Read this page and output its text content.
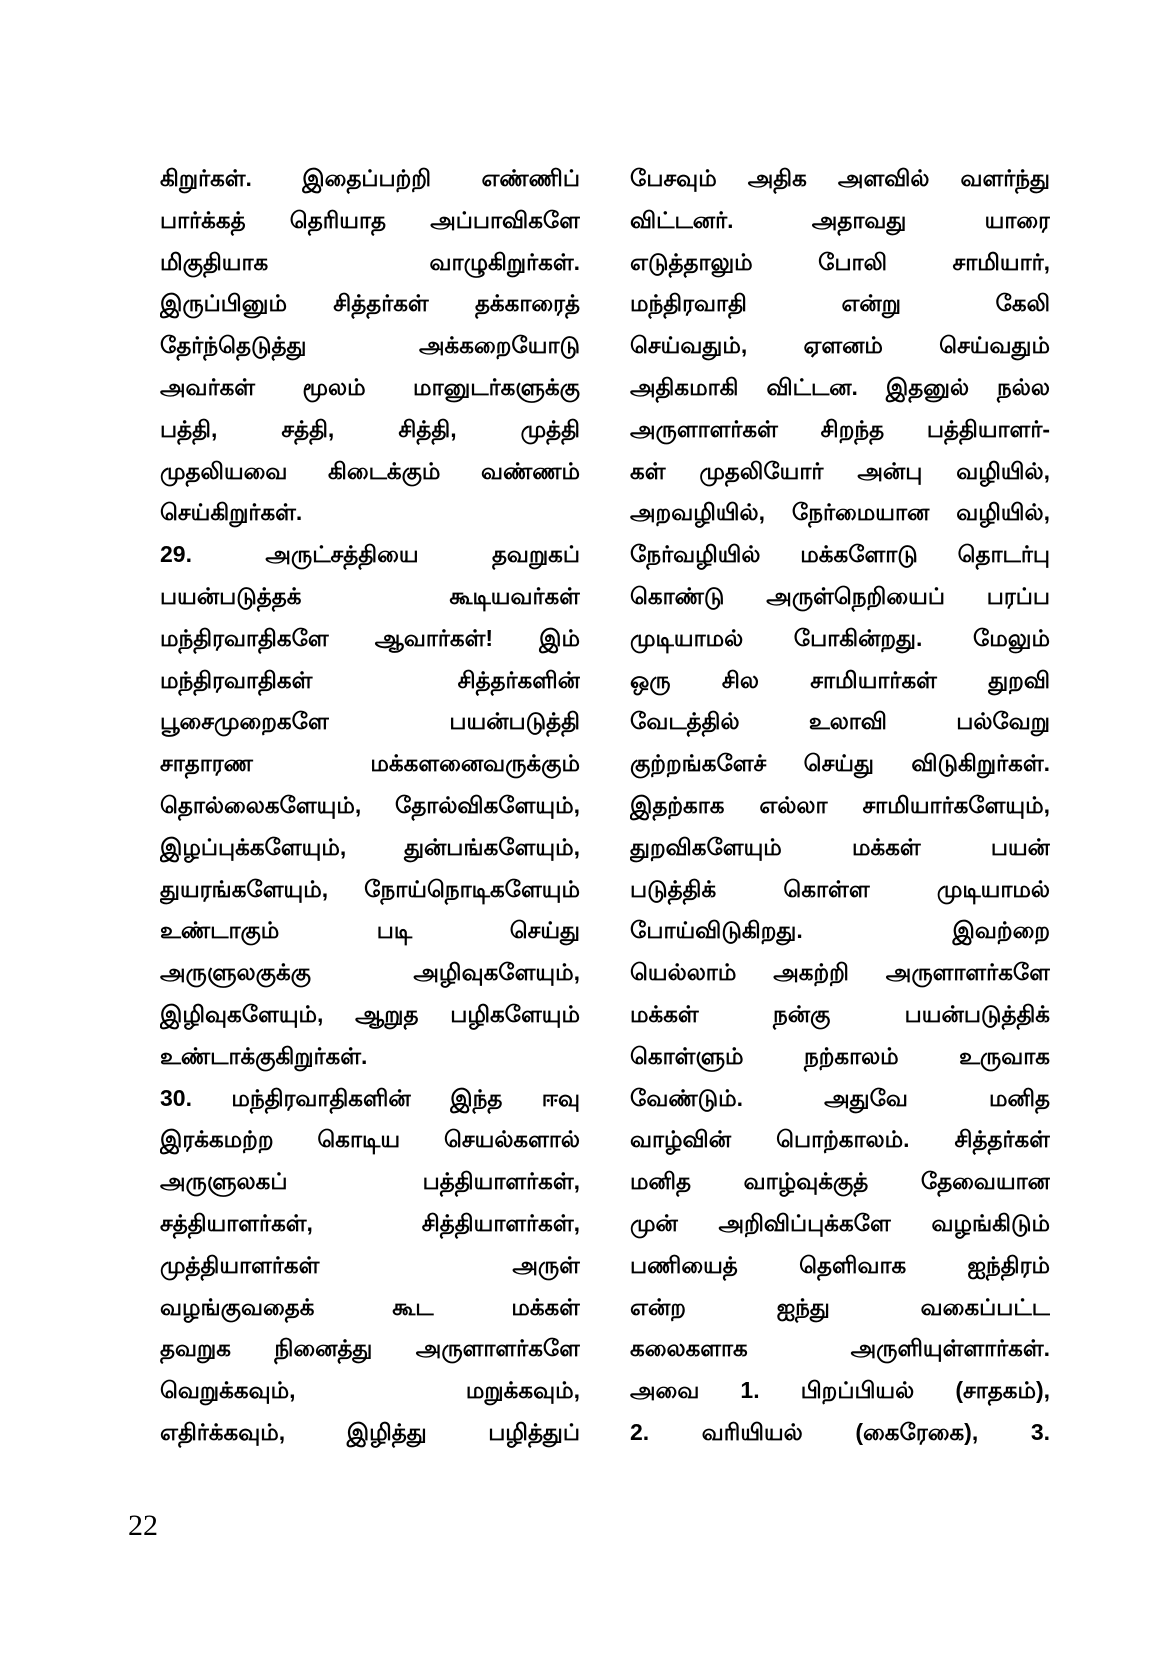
கிறுர்கள். இதைப்பற்றி எண்ணிப்
பார்க்கத் தெரியாத அப்பாவிகளே
மிகுதியாக வாழுகிறுர்கள்.
இருப்பினும் சித்தர்கள் தக்காரைத்
தேர்ந்தெடுத்து அக்கறையோடு
அவர்கள் மூலம் மானுடர்களுக்கு
பத்தி, சத்தி, சித்தி, முத்தி
முதலியவை கிடைக்கும் வண்ணம்
செய்கிறுர்கள்.
29. அருட்சத்தியை தவறுகப்
பயன்படுத்தக் கூடியவர்கள்
மந்திரவாதிகளே ஆவார்கள்! இம்
மந்திரவாதிகள் சித்தர்களின்
பூசைமுறைகளே பயன்படுத்தி
சாதாரண மக்களனைவருக்கும்
தொல்லைகளேயும், தோல்விகளேயும்,
இழப்புக்களேயும், துன்பங்களேயும்,
துயரங்களேயும், நோய்நொடிகளேயும்
உண்டாகும் படி செய்து
அருளுலகுக்கு அழிவுகளேயும்,
இழிவுகளேயும், ஆறுத பழிகளேயும்
உண்டாக்குகிறுர்கள்.
30. மந்திரவாதிகளின் இந்த ஈவு
இரக்கமற்ற கொடிய செயல்களால்
அருளுலகப் பத்தியாளர்கள்,
சத்தியாளர்கள், சித்தியாளர்கள்,
முத்தியாளர்கள் அருள்
வழங்குவதைக் கூட மக்கள்
தவறுக நினைத்து அருளாளர்களே
வெறுக்கவும், மறுக்கவும்,
எதிர்க்கவும், இழித்து பழித்துப்
பேசவும் அதிக அளவில் வளர்ந்து
விட்டனர். அதாவது யாரை
எடுத்தாலும் போலி சாமியார்,
மந்திரவாதி என்று கேலி
செய்வதும், ஏளனம் செய்வதும்
அதிகமாகி விட்டன. இதனுல் நல்ல
அருளாளர்கள் சிறந்த பத்தியாளர்-
கள் முதலியோர் அன்பு வழியில்,
அறவழியில், நேர்மையான வழியில்,
நேர்வழியில் மக்களோடு தொடர்பு
கொண்டு அருள்நெறியைப் பரப்ப
முடியாமல் போகின்றது. மேலும்
ஒரு சில சாமியார்கள் துறவி
வேடத்தில் உலாவி பல்வேறு
குற்றங்களேச் செய்து விடுகிறுர்கள்.
இதற்காக எல்லா சாமியார்களேயும்,
துறவிகளேயும் மக்கள் பயன்
படுத்திக் கொள்ள முடியாமல்
போய்விடுகிறது. இவற்றை
யெல்லாம் அகற்றி அருளாளர்களே
மக்கள் நன்கு பயன்படுத்திக்
கொள்ளும் நற்காலம் உருவாக
வேண்டும். அதுவே மனித
வாழ்வின் பொற்காலம். சித்தர்கள்
மனித வாழ்வுக்குத் தேவையான
முன் அறிவிப்புக்களே வழங்கிடும்
பணியைத் தெளிவாக ஐந்திரம்
என்ற ஐந்து வகைப்பட்ட
கலைகளாக அருளியுள்ளார்கள்.
அவை 1. பிறப்பியல் (சாதகம்),
2. வரியியல் (கைரேகை), 3.
22
